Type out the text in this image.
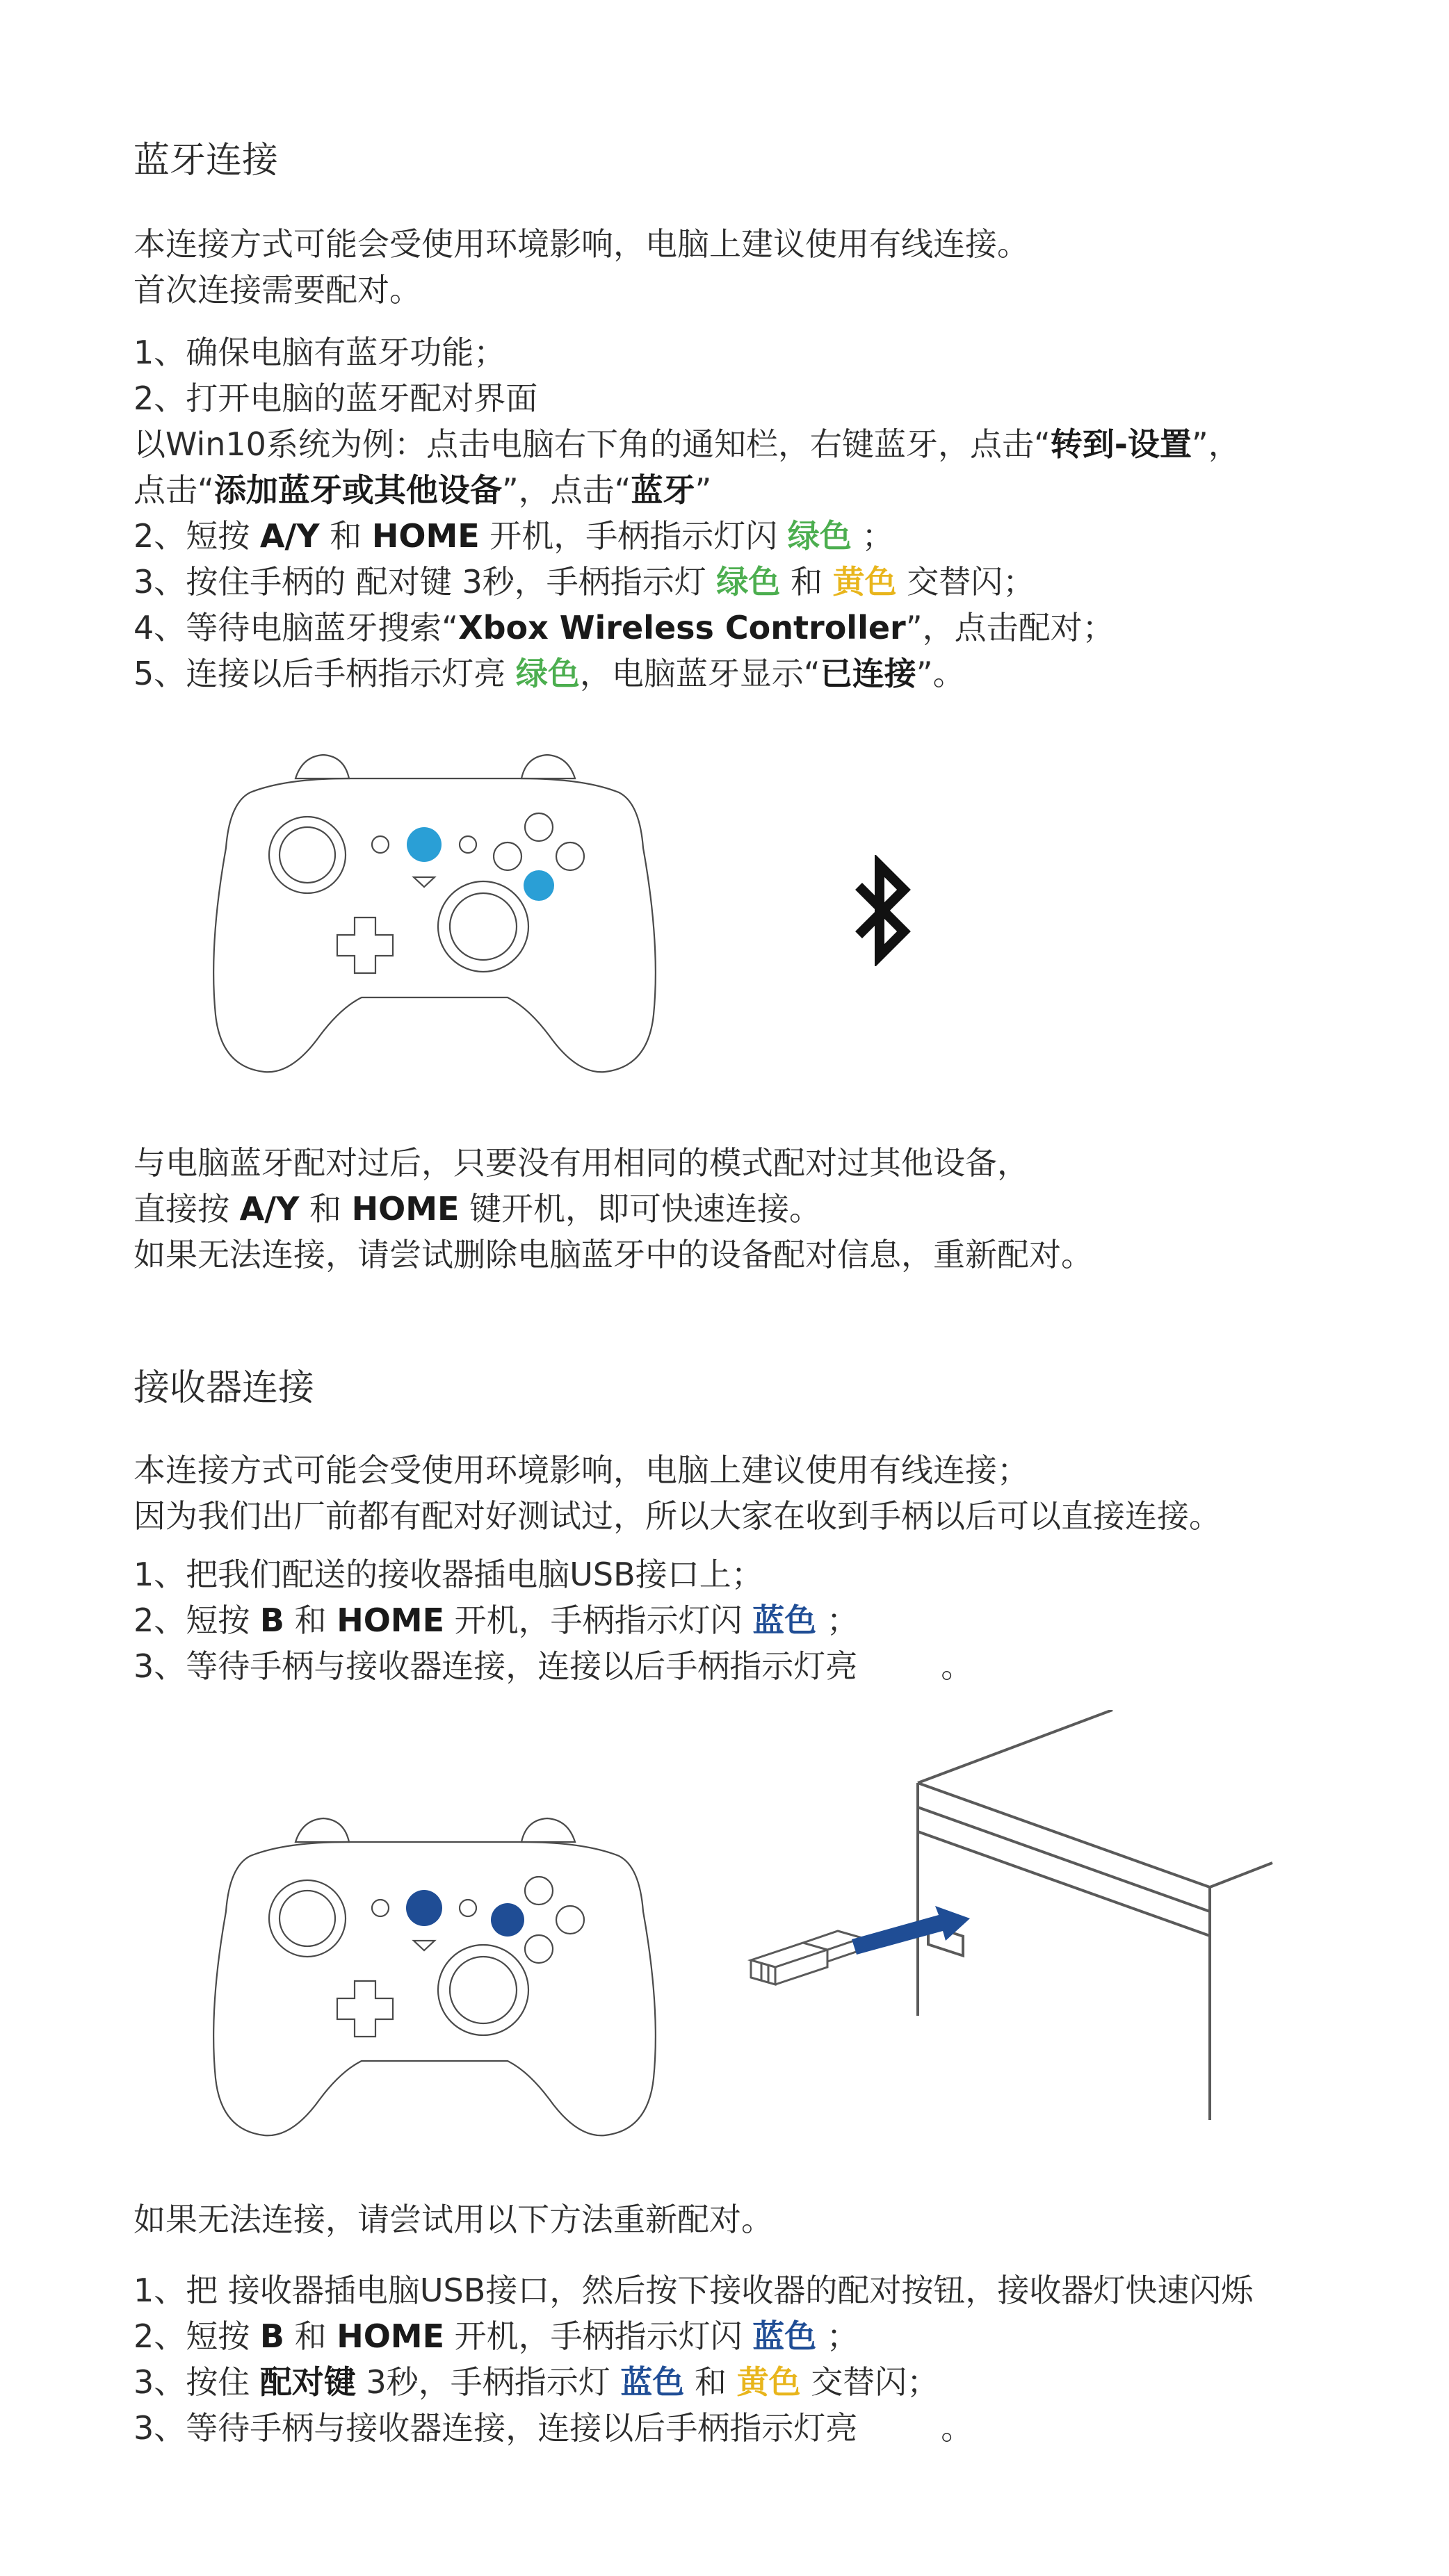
蓝牙连接

本连接方式可能会受使用环境影响，电脑上建议使用有线连接。

首次连接需要配对。

1、确保电脑有蓝牙功能；

2、打开电脑的蓝牙配对界面

以Win10系统为例：点击电脑右下角的通知栏，右键蓝牙，点击“转到-设置”，

点击“添加蓝牙或其他设备”，点击“蓝牙”

2、短按 A/Y 和 HOME 开机，手柄指示灯闪 绿色 ；

3、按住手柄的 配对键 3秒，手柄指示灯 绿色 和 黄色 交替闪；

4、等待电脑蓝牙搜索“Xbox Wireless Controller”，点击配对；

5、连接以后手柄指示灯亮 绿色，电脑蓝牙显示“已连接”。

与电脑蓝牙配对过后，只要没有用相同的模式配对过其他设备，

直接按 A/Y 和 HOME 键开机，即可快速连接。

如果无法连接，请尝试删除电脑蓝牙中的设备配对信息，重新配对。

接收器连接

本连接方式可能会受使用环境影响，电脑上建议使用有线连接；

因为我们出厂前都有配对好测试过，所以大家在收到手柄以后可以直接连接。

1、把我们配送的接收器插电脑USB接口上；

2、短按 B 和 HOME 开机，手柄指示灯闪 蓝色 ；

3、等待手柄与接收器连接，连接以后手柄指示灯亮	。

如果无法连接，请尝试用以下方法重新配对。

1、把 接收器插电脑USB接口，然后按下接收器的配对按钮，接收器灯快速闪烁

2、短按 B 和 HOME 开机，手柄指示灯闪 蓝色 ；

3、按住 配对键 3秒，手柄指示灯 蓝色 和 黄色 交替闪；

3、等待手柄与接收器连接，连接以后手柄指示灯亮	。
